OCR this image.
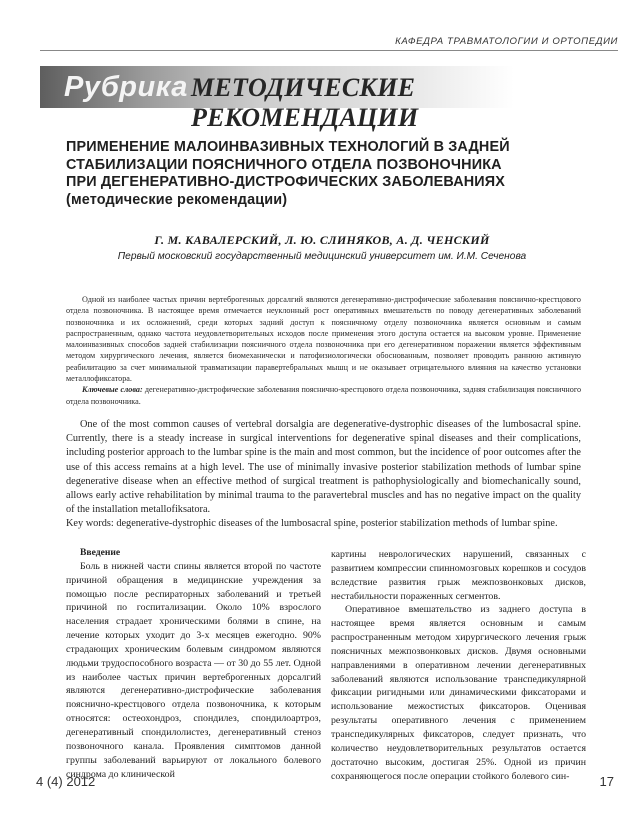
КАФЕДРА ТРАВМАТОЛОГИИ И ОРТОПЕДИИ
Рубрика МЕТОДИЧЕСКИЕ РЕКОМЕНДАЦИИ
ПРИМЕНЕНИЕ МАЛОИНВАЗИВНЫХ ТЕХНОЛОГИЙ В ЗАДНЕЙ
СТАБИЛИЗАЦИИ ПОЯСНИЧНОГО ОТДЕЛА ПОЗВОНОЧНИКА
ПРИ ДЕГЕНЕРАТИВНО-ДИСТРОФИЧЕСКИХ ЗАБОЛЕВАНИЯХ
(методические рекомендации)
Г. М. КАВАЛЕРСКИЙ, Л. Ю. СЛИНЯКОВ, А. Д. ЧЕНСКИЙ
Первый московский государственный медицинский университет им. И.М. Сеченова

Одной из наиболее частых причин вертеброгенных дорсалгий являются дегенеративно-дистрофические заболевания пояснично-крестцового отдела позвоночника. В настоящее время отмечается неуклонный рост оперативных вмешательств по поводу дегенеративных заболеваний позвоночника и их осложнений, среди которых задний доступ к поясничному отделу позвоночника является основным и самым распространенным, однако частота неудовлетворительных исходов после применения этого доступа остается на высоком уровне. Применение малоинвазивных способов задней стабилизации поясничного отдела позвоночника при его дегенеративном поражении является эффективным методом хирургического лечения, является биомеханически и патофизиологически обоснованным, позволяет проводить раннюю активную реабилитацию за счет минимальной травматизации паравертебральных мышц и не оказывает отрицательного влияния на качество установки металлофиксатора.

Ключевые слова: дегенеративно-дистрофические заболевания пояснично-крестцового отдела позвоночника, задняя стабилизация поясничного отдела позвоночника.

One of the most common causes of vertebral dorsalgia are degenerative-dystrophic diseases of the lumbosacral spine. Currently, there is a steady increase in surgical interventions for degenerative spinal diseases and their complications, including posterior approach to the lumbar spine is the main and most common, but the incidence of poor outcomes after the use of this access remains at a high level. The use of minimally invasive posterior stabilization methods of lumbar spine degenerative disease when an effective method of surgical treatment is pathophysiologically and biomechanically sound, allows early active rehabilitation by minimal trauma to the paravertebral muscles and has no negative impact on the quality of the installation metallofiksatora.

Key words: degenerative-dystrophic diseases of the lumbosacral spine, posterior stabilization methods of lumbar spine.

Введение

Боль в нижней части спины является второй по частоте причиной обращения в медицинские учреждения за помощью после респираторных заболеваний и третьей причиной по госпитализации. Около 10% взрослого населения страдает хроническими болями в спине, на лечение которых уходит до 3-х месяцев ежегодно. 90% страдающих хроническим болевым синдромом являются людьми трудоспособного возраста — от 30 до 55 лет. Одной из наиболее частых причин вертеброгенных дорсалгий являются дегенеративно-дистрофические заболевания пояснично-крестцового отдела позвоночника, к которым относятся: остеохондроз, спондилез, спондилоартроз, дегенеративный спондилолистез, дегенеративный стеноз позвоночного канала. Проявления симптомов данной группы заболеваний варьируют от локального болевого синдрома до клинической

картины неврологических нарушений, связанных с развитием компрессии спинномозговых корешков и сосудов вследствие развития грыж межпозвонковых дисков, нестабильности пораженных сегментов.

Оперативное вмешательство из заднего доступа в настоящее время является основным и самым распространенным методом хирургического лечения грыж поясничных межпозвонковых дисков. Двумя основными направлениями в оперативном лечении дегенеративных заболеваний являются использование транспедикулярной фиксации ригидными или динамическими фиксаторами и использование межостистых фиксаторов. Оценивая результаты оперативного лечения с применением транспедикулярных фиксаторов, следует признать, что количество неудовлетворительных результатов остается достаточно высоким, достигая 25%. Одной из причин сохраняющегося после операции стойкого болевого син-

4 (4) 2012	17
